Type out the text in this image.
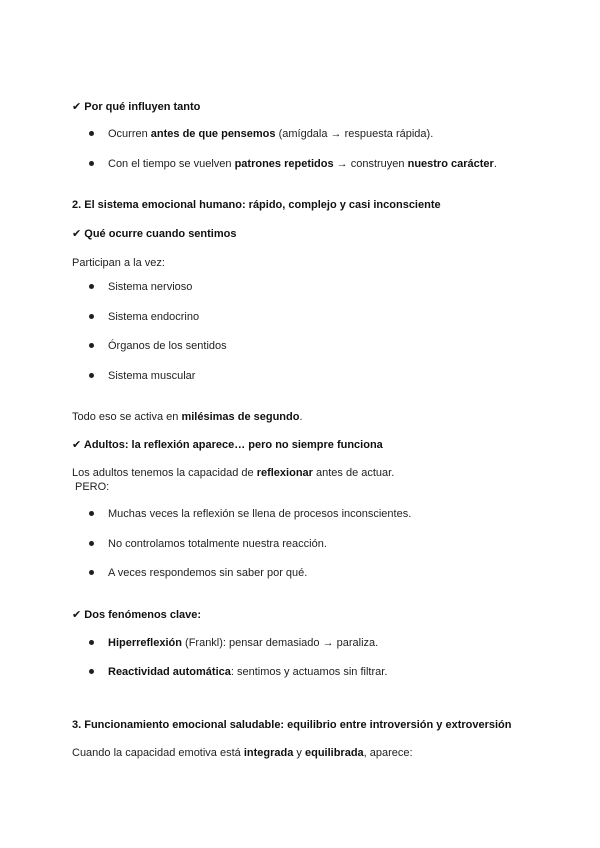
✔ Por qué influyen tanto
Ocurren antes de que pensemos (amígdala → respuesta rápida).
Con el tiempo se vuelven patrones repetidos → construyen nuestro carácter.
2. El sistema emocional humano: rápido, complejo y casi inconsciente
✔ Qué ocurre cuando sentimos
Participan a la vez:
Sistema nervioso
Sistema endocrino
Órganos de los sentidos
Sistema muscular
Todo eso se activa en milésimas de segundo.
✔ Adultos: la reflexión aparece… pero no siempre funciona
Los adultos tenemos la capacidad de reflexionar antes de actuar.
PERO:
Muchas veces la reflexión se llena de procesos inconscientes.
No controlamos totalmente nuestra reacción.
A veces respondemos sin saber por qué.
✔ Dos fenómenos clave:
Hiperreflexión (Frankl): pensar demasiado → paraliza.
Reactividad automática: sentimos y actuamos sin filtrar.
3. Funcionamiento emocional saludable: equilibrio entre introversión y extroversión
Cuando la capacidad emotiva está integrada y equilibrada, aparece:
